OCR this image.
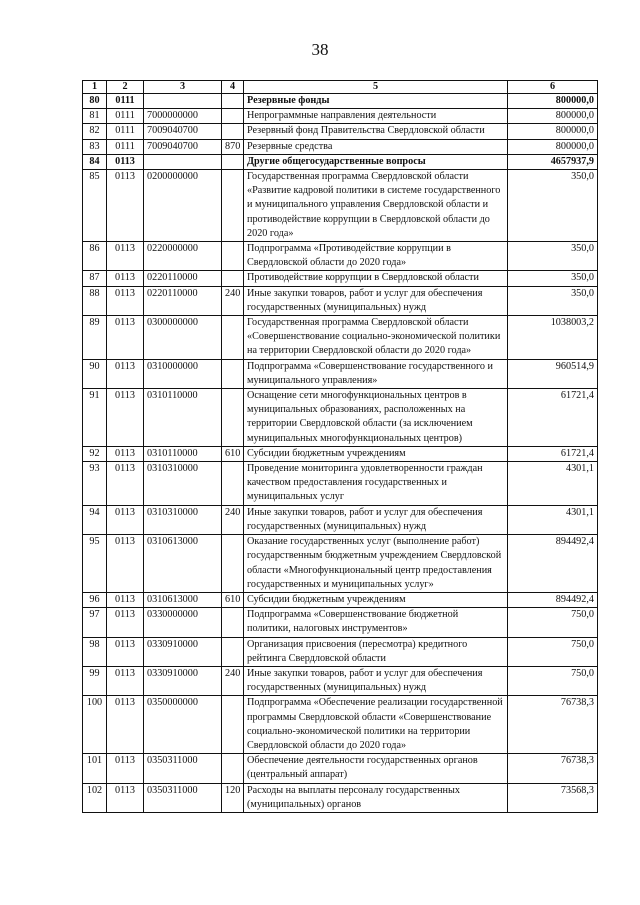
38
1	2	3	4	5	6
80	0111			Резервные фонды	800000,0
81	0111	7000000000		Непрограммные направления деятельности	800000,0
82	0111	7009040700		Резервный фонд Правительства Свердловской области	800000,0
83	0111	7009040700	870	Резервные средства	800000,0
84	0113			Другие общегосударственные вопросы	4657937,9
85	0113	0200000000		Государственная программа Свердловской области «Развитие кадровой политики в системе государственного и муниципального управления Свердловской области и противодействие коррупции в Свердловской области до 2020 года»	350,0
86	0113	0220000000		Подпрограмма «Противодействие коррупции в Свердловской области до 2020 года»	350,0
87	0113	0220110000		Противодействие коррупции в Свердловской области	350,0
88	0113	0220110000	240	Иные закупки товаров, работ и услуг для обеспечения государственных (муниципальных) нужд	350,0
89	0113	0300000000		Государственная программа Свердловской области «Совершенствование социально-экономической политики на территории Свердловской области до 2020 года»	1038003,2
90	0113	0310000000		Подпрограмма «Совершенствование государственного и муниципального управления»	960514,9
91	0113	0310110000		Оснащение сети многофункциональных центров в муниципальных образованиях, расположенных на территории Свердловской области (за исключением муниципальных многофункциональных центров)	61721,4
92	0113	0310110000	610	Субсидии бюджетным учреждениям	61721,4
93	0113	0310310000		Проведение мониторинга удовлетворенности граждан качеством предоставления государственных и муниципальных услуг	4301,1
94	0113	0310310000	240	Иные закупки товаров, работ и услуг для обеспечения государственных (муниципальных) нужд	4301,1
95	0113	0310613000		Оказание государственных услуг (выполнение работ) государственным бюджетным учреждением Свердловской области «Многофункциональный центр предоставления государственных и муниципальных услуг»	894492,4
96	0113	0310613000	610	Субсидии бюджетным учреждениям	894492,4
97	0113	0330000000		Подпрограмма «Совершенствование бюджетной политики, налоговых инструментов»	750,0
98	0113	0330910000		Организация присвоения (пересмотра) кредитного рейтинга Свердловской области	750,0
99	0113	0330910000	240	Иные закупки товаров, работ и услуг для обеспечения государственных (муниципальных) нужд	750,0
100	0113	0350000000		Подпрограмма «Обеспечение реализации государственной программы Свердловской области «Совершенствование социально-экономической политики на территории Свердловской области до 2020 года»	76738,3
101	0113	0350311000		Обеспечение деятельности государственных органов (центральный аппарат)	76738,3
102	0113	0350311000	120	Расходы на выплаты персоналу государственных (муниципальных) органов	73568,3
